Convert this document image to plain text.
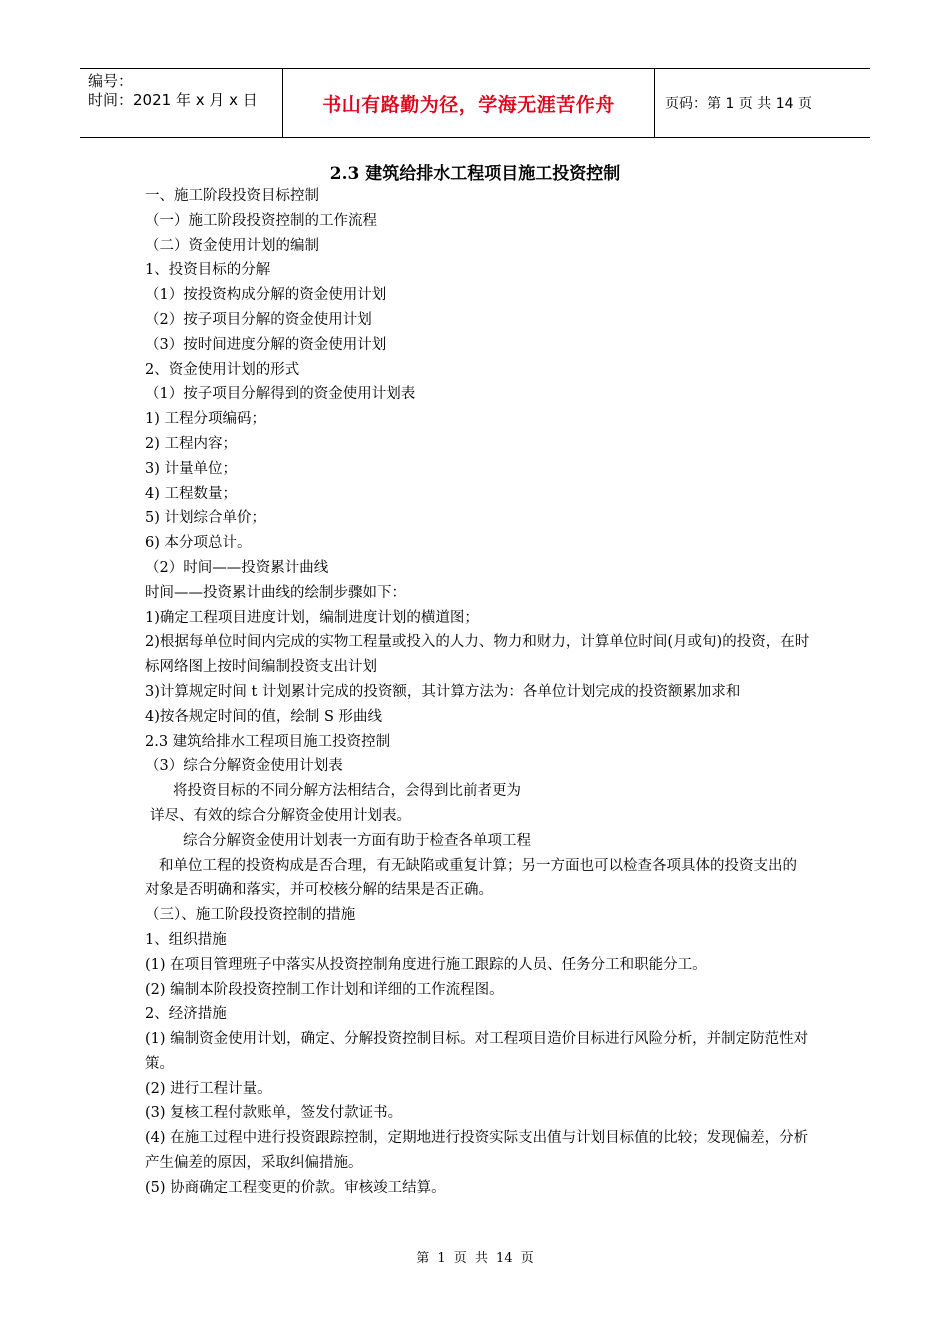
编号：
时间：2021 年 x 月 x 日	书山有路勤为径，学海无涯苦作舟	页码：第 1 页 共 14 页
2.3 建筑给排水工程项目施工投资控制

一、施工阶段投资目标控制

（一）施工阶段投资控制的工作流程

（二）资金使用计划的编制

1、投资目标的分解

（1）按投资构成分解的资金使用计划

（2）按子项目分解的资金使用计划

（3）按时间进度分解的资金使用计划

2、资金使用计划的形式

（1）按子项目分解得到的资金使用计划表

1) 工程分项编码；

2) 工程内容；

3) 计量单位；

4) 工程数量；

5) 计划综合单价；

6) 本分项总计。

（2）时间——投资累计曲线

时间——投资累计曲线的绘制步骤如下：

1)确定工程项目进度计划，编制进度计划的横道图；

2)根据每单位时间内完成的实物工程量或投入的人力、物力和财力，计算单位时间(月或旬)的投资，在时标网络图上按时间编制投资支出计划

3)计算规定时间 t 计划累计完成的投资额，其计算方法为：各单位计划完成的投资额累加求和

4)按各规定时间的值，绘制 S 形曲线

2.3 建筑给排水工程项目施工投资控制

（3）综合分解资金使用计划表

将投资目标的不同分解方法相结合，会得到比前者更为

详尽、有效的综合分解资金使用计划表。

综合分解资金使用计划表一方面有助于检查各单项工程

和单位工程的投资构成是否合理，有无缺陷或重复计算；另一方面也可以检查各项具体的投资支出的对象是否明确和落实，并可校核分解的结果是否正确。

（三）、施工阶段投资控制的措施

1、组织措施

(1) 在项目管理班子中落实从投资控制角度进行施工跟踪的人员、任务分工和职能分工。

(2) 编制本阶段投资控制工作计划和详细的工作流程图。

2、经济措施

(1) 编制资金使用计划，确定、分解投资控制目标。对工程项目造价目标进行风险分析，并制定防范性对策。

(2) 进行工程计量。

(3) 复核工程付款账单，签发付款证书。

(4) 在施工过程中进行投资跟踪控制，定期地进行投资实际支出值与计划目标值的比较；发现偏差，分析产生偏差的原因，采取纠偏措施。

(5) 协商确定工程变更的价款。审核竣工结算。

第 1 页 共 14 页
